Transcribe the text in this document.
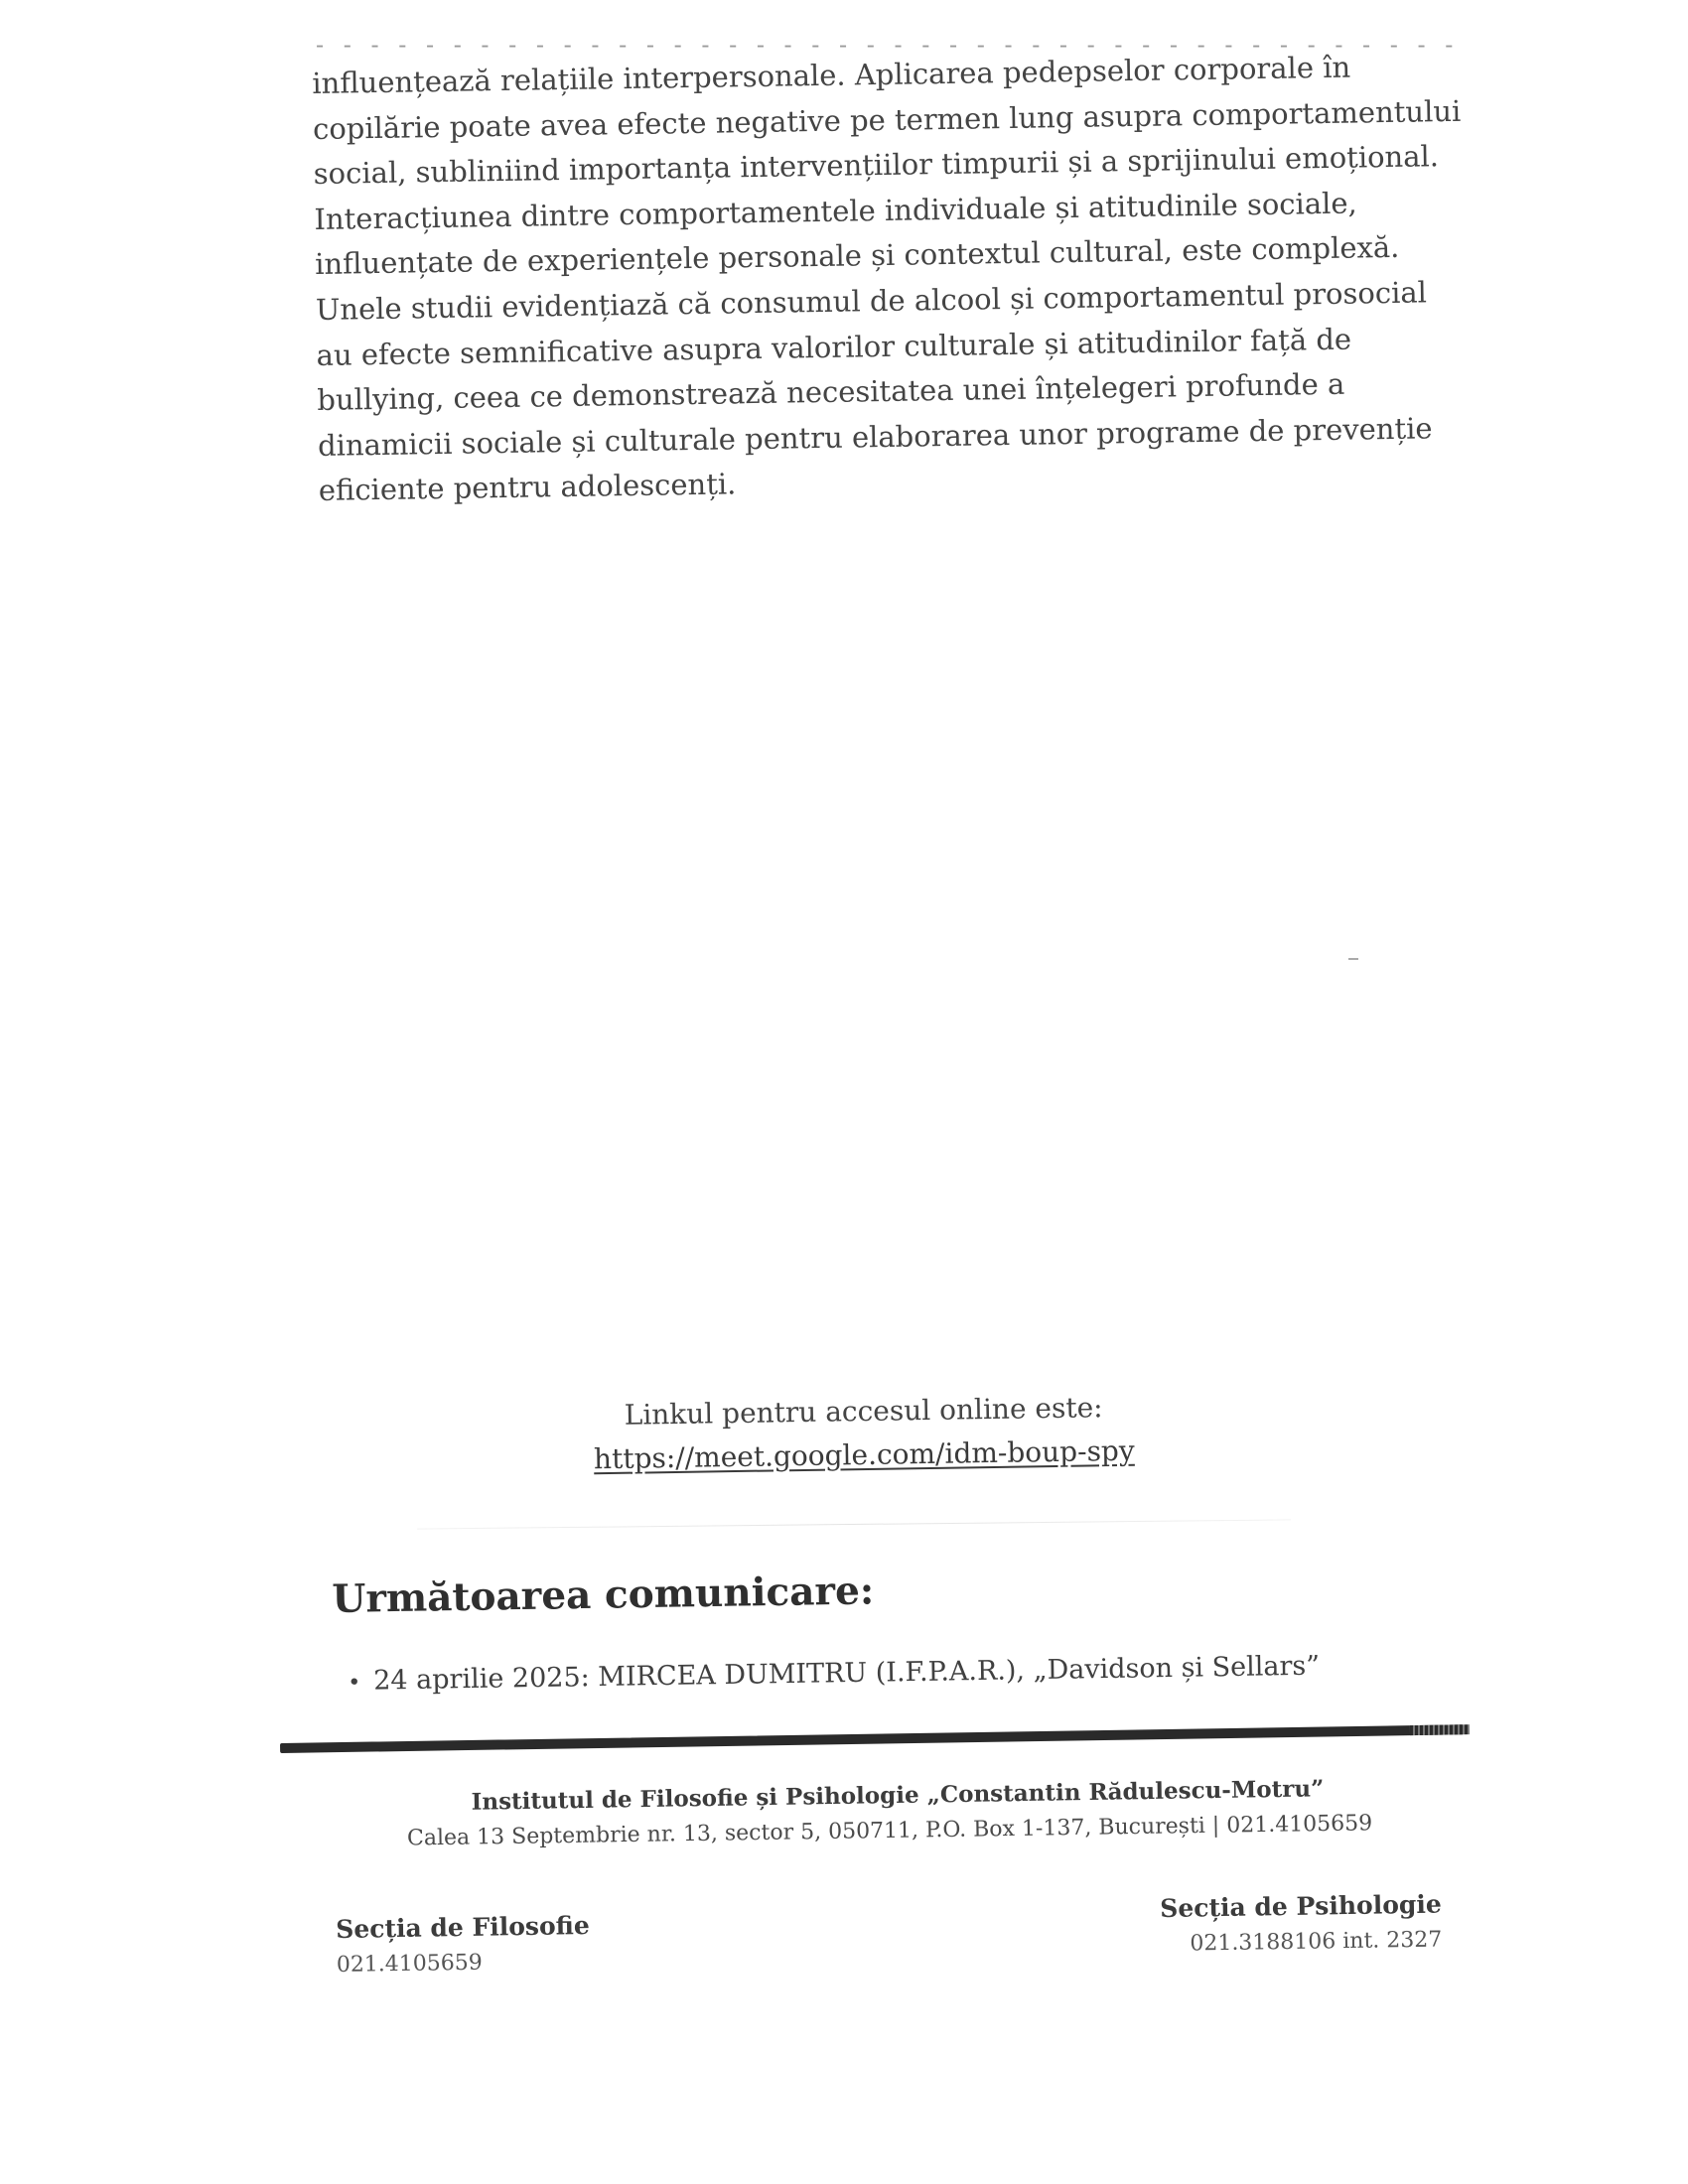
- - - - - - - - - - - - - - - - - - - - - - - - - - - - - - - - - - - - - - - - - -
influențează relațiile interpersonale. Aplicarea pedepselor corporale în
copilărie poate avea efecte negative pe termen lung asupra comportamentului
social, subliniind importanța intervențiilor timpurii și a sprijinului emoțional.
Interacțiunea dintre comportamentele individuale și atitudinile sociale,
influențate de experiențele personale și contextul cultural, este complexă.
Unele studii evidențiază că consumul de alcool și comportamentul prosocial
au efecte semnificative asupra valorilor culturale și atitudinilor față de
bullying, ceea ce demonstrează necesitatea unei înțelegeri profunde a
dinamicii sociale și culturale pentru elaborarea unor programe de prevenție
eficiente pentru adolescenți.
Linkul pentru accesul online este:
https://meet.google.com/idm-boup-spy
Următoarea comunicare:
• 24 aprilie 2025: MIRCEA DUMITRU (I.F.P.A.R.), „Davidson și Sellars”
Institutul de Filosofie și Psihologie „Constantin Rădulescu-Motru”
Calea 13 Septembrie nr. 13, sector 5, 050711, P.O. Box 1-137, București | 021.4105659
Secția de Filosofie
021.4105659
Secția de Psihologie
021.3188106 int. 2327
